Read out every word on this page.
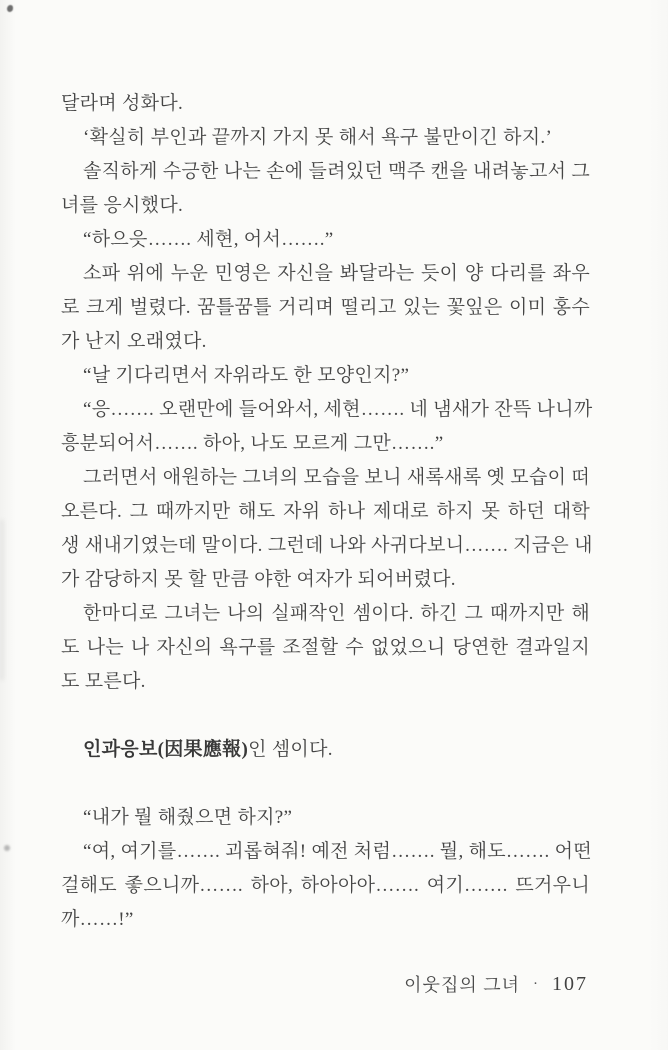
달라며 성화다.
‘확실히 부인과 끝까지 가지 못 해서 욕구 불만이긴 하지.’
솔직하게 수긍한 나는 손에 들려있던 맥주 캔을 내려놓고서 그
녀를 응시했다.
“하으읏……. 세현, 어서…….”
소파 위에 누운 민영은 자신을 봐달라는 듯이 양 다리를 좌우
로 크게 벌렸다. 꿈틀꿈틀 거리며 떨리고 있는 꽃잎은 이미 홍수
가 난지 오래였다.
“날 기다리면서 자위라도 한 모양인지?”
“응……. 오랜만에 들어와서, 세현……. 네 냄새가 잔뜩 나니까
흥분되어서……. 하아, 나도 모르게 그만…….”
그러면서 애원하는 그녀의 모습을 보니 새록새록 옛 모습이 떠
오른다. 그 때까지만 해도 자위 하나 제대로 하지 못 하던 대학
생 새내기였는데 말이다. 그런데 나와 사귀다보니……. 지금은 내
가 감당하지 못 할 만큼 야한 여자가 되어버렸다.
한마디로 그녀는 나의 실패작인 셈이다. 하긴 그 때까지만 해
도 나는 나 자신의 욕구를 조절할 수 없었으니 당연한 결과일지
도 모른다.
인과응보(因果應報)인 셈이다.
“내가 뭘 해줬으면 하지?”
“여, 여기를……. 괴롭혀줘! 예전 처럼……. 뭘, 해도……. 어떤
걸해도 좋으니까……. 하아, 하아아아……. 여기……. 뜨거우니
까……!”
이웃집의 그녀 · 107
